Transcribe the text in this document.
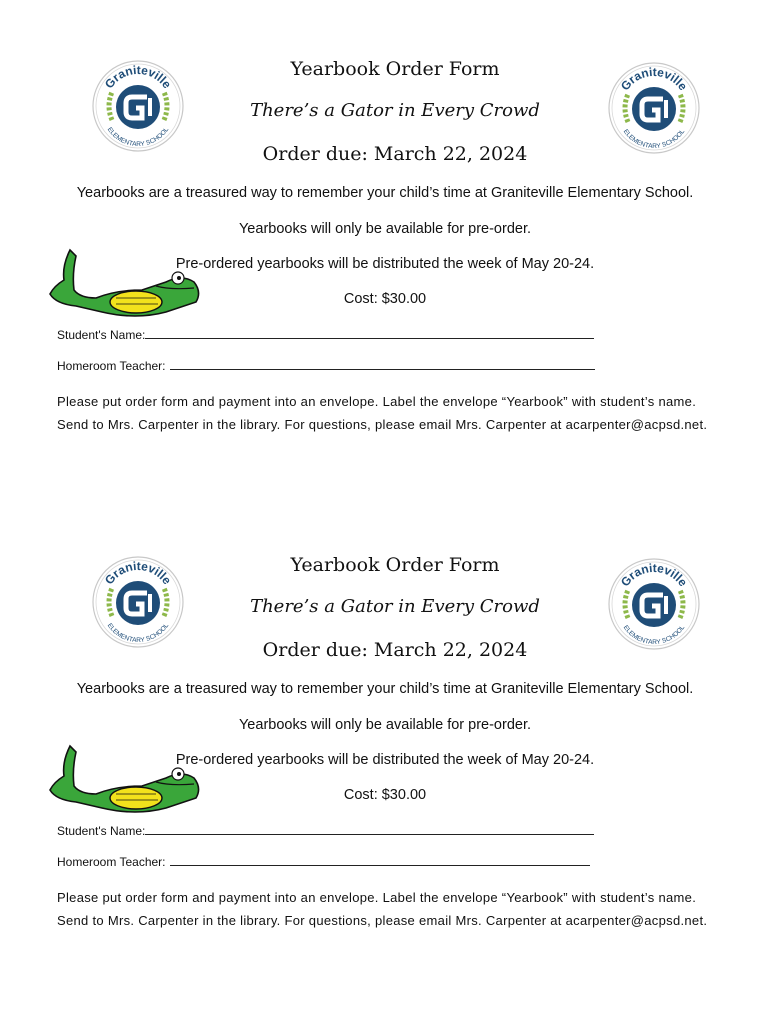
Graniteville
ELEMENTARY SCHOOL
Graniteville
ELEMENTARY SCHOOL
Yearbook Order Form
There’s a Gator in Every Crowd
Order due: March 22, 2024
Yearbooks are a treasured way to remember your child’s time at Graniteville Elementary School.
Yearbooks will only be available for pre-order.
Pre-ordered yearbooks will be distributed the week of May 20-24.
Cost: $30.00
Student's Name:
Homeroom Teacher:
Please put order form and payment into an envelope. Label the envelope “Yearbook” with student’s name. Send to Mrs. Carpenter in the library. For questions, please email Mrs. Carpenter at acarpenter@acpsd.net.
Graniteville
ELEMENTARY SCHOOL
Graniteville
ELEMENTARY SCHOOL
Yearbook Order Form
There’s a Gator in Every Crowd
Order due: March 22, 2024
Yearbooks are a treasured way to remember your child’s time at Graniteville Elementary School.
Yearbooks will only be available for pre-order.
Pre-ordered yearbooks will be distributed the week of May 20-24.
Cost: $30.00
Student's Name:
Homeroom Teacher:
Please put order form and payment into an envelope. Label the envelope “Yearbook” with student’s name. Send to Mrs. Carpenter in the library. For questions, please email Mrs. Carpenter at acarpenter@acpsd.net.
